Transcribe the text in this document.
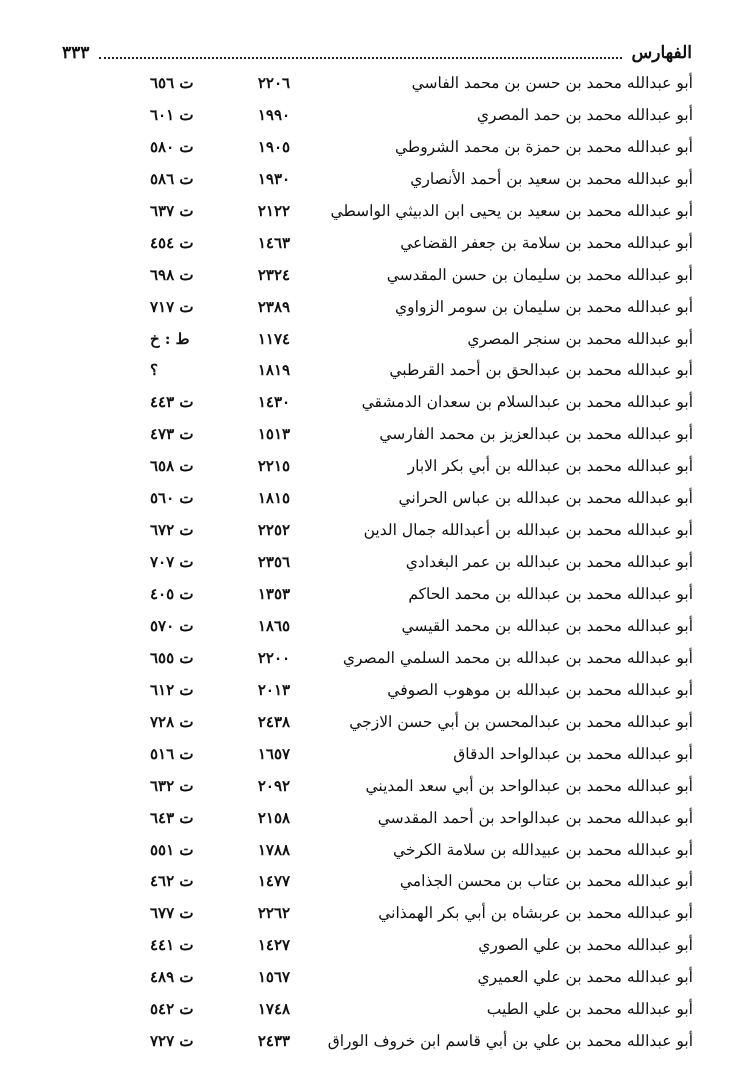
الفهارس
٣٣٣
أبو عبدالله محمد بن حسن بن محمد الفاسي
٢٢٠٦
ت ٦٥٦
أبو عبدالله محمد بن حمد المصري
١٩٩٠
ت ٦٠١
أبو عبدالله محمد بن حمزة بن محمد الشروطي
١٩٠٥
ت ٥٨٠
أبو عبدالله محمد بن سعيد بن أحمد الأنصاري
١٩٣٠
ت ٥٨٦
أبو عبدالله محمد بن سعيد بن يحيى ابن الدبيثي الواسطي
٢١٢٢
ت ٦٣٧
أبو عبدالله محمد بن سلامة بن جعفر القضاعي
١٤٦٣
ت ٤٥٤
أبو عبدالله محمد بن سليمان بن حسن المقدسي
٢٣٢٤
ت ٦٩٨
أبو عبدالله محمد بن سليمان بن سومر الزواوي
٢٣٨٩
ت ٧١٧
أبو عبدالله محمد بن سنجر المصري
١١٧٤
ط : خ
أبو عبدالله محمد بن عبدالحق بن أحمد القرطبي
١٨١٩
؟
أبو عبدالله محمد بن عبدالسلام بن سعدان الدمشقي
١٤٣٠
ت ٤٤٣
أبو عبدالله محمد بن عبدالعزيز بن محمد الفارسي
١٥١٣
ت ٤٧٣
أبو عبدالله محمد بن عبدالله بن أبي بكر الابار
٢٢١٥
ت ٦٥٨
أبو عبدالله محمد بن عبدالله بن عباس الحراني
١٨١٥
ت ٥٦٠
أبو عبدالله محمد بن عبدالله بن أعبدالله جمال الدين
٢٢٥٢
ت ٦٧٢
أبو عبدالله محمد بن عبدالله بن عمر البغدادي
٢٣٥٦
ت ٧٠٧
أبو عبدالله محمد بن عبدالله بن محمد الحاكم
١٣٥٣
ت ٤٠٥
أبو عبدالله محمد بن عبدالله بن محمد القيسي
١٨٦٥
ت ٥٧٠
أبو عبدالله محمد بن عبدالله بن محمد السلمي المصري
٢٢٠٠
ت ٦٥٥
أبو عبدالله محمد بن عبدالله بن موهوب الصوفي
٢٠١٣
ت ٦١٢
أبو عبدالله محمد بن عبدالمحسن بن أبي حسن الازجي
٢٤٣٨
ت ٧٢٨
أبو عبدالله محمد بن عبدالواحد الدقاق
١٦٥٧
ت ٥١٦
أبو عبدالله محمد بن عبدالواحد بن أبي سعد المديني
٢٠٩٢
ت ٦٣٢
أبو عبدالله محمد بن عبدالواحد بن أحمد المقدسي
٢١٥٨
ت ٦٤٣
أبو عبدالله محمد بن عبيدالله بن سلامة الكرخي
١٧٨٨
ت ٥٥١
أبو عبدالله محمد بن عتاب بن محسن الجذامي
١٤٧٧
ت ٤٦٢
أبو عبدالله محمد بن عربشاه بن أبي بكر الهمذاني
٢٢٦٢
ت ٦٧٧
أبو عبدالله محمد بن علي الصوري
١٤٢٧
ت ٤٤١
أبو عبدالله محمد بن علي العميري
١٥٦٧
ت ٤٨٩
أبو عبدالله محمد بن علي الطيب
١٧٤٨
ت ٥٤٢
أبو عبدالله محمد بن علي بن أبي قاسم ابن خروف الوراق
٢٤٣٣
ت ٧٢٧
